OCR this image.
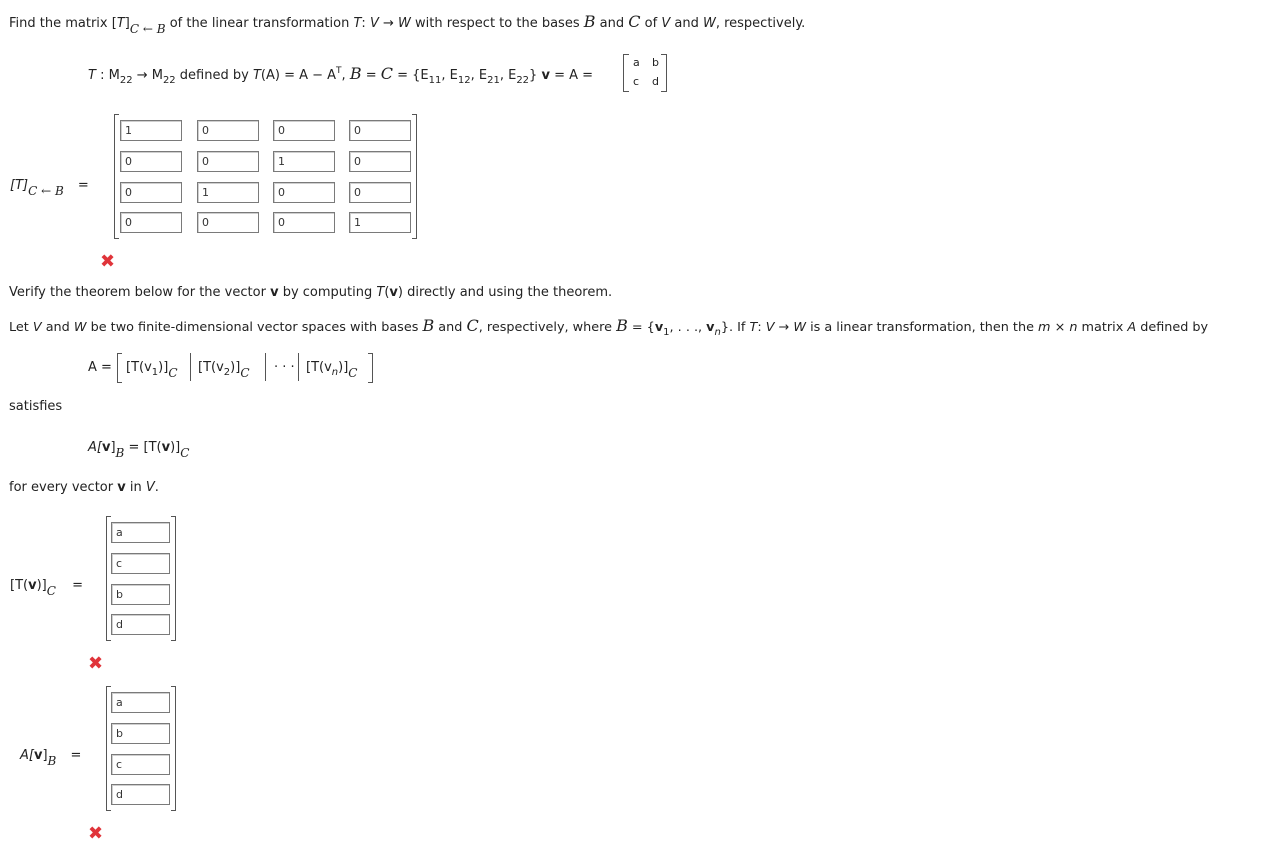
Find the matrix [T]C ← B of the linear transformation T: V → W with respect to the bases B and C of V and W, respectively.
T : $M_{22} \to M_{22}$ defined by $T(A) = A - A^T$, $B = C = \{E_{11}$, $E_{12}$, $E_{21}$, $E_{22}$} v = A =
a b
c d
[T]C ← B =
1	0	0	0
0	0	1	0
0	1	0	0
0	0	0	1
✖
Verify the theorem below for the vector v by computing T(v) directly and using the theorem.
Let V and W be two finite-dimensional vector spaces with bases B and C, respectively, where $B = \{v_1$, . . ., $v_n$}. If T: V → W is a linear transformation, then the m × n matrix A defined by
$A = [T(v_1)]C$ $[T(v_2)]C$ · · · $[T(v_n)]C$
satisfies
A[v]B = [T(v)]C
for every vector v in V.
[T(v)]C =
a
c
b
d
✖
A[v]B =
a
b
c
d
✖
